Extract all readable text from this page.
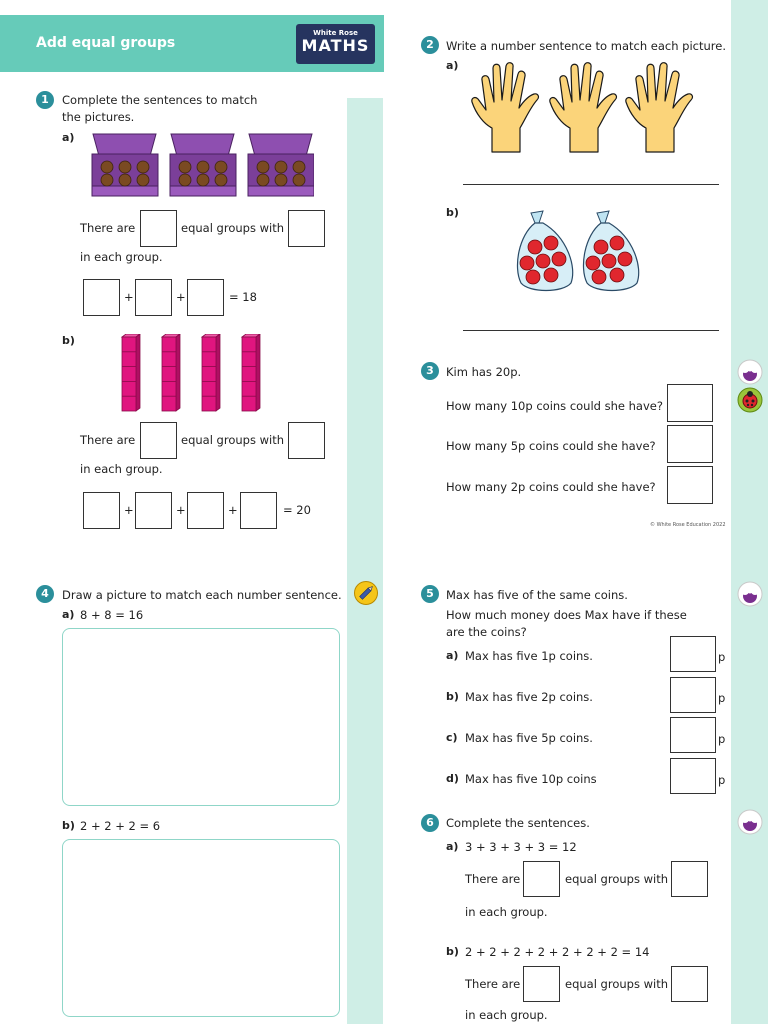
Add equal groups
White Rose
MATHS
1	Complete the sentences to match
the pictures.
a)
There are	equal groups with
in each group.
+	+	= 18
b)
There are	equal groups with
in each group.
+	+	+	= 20
4	Draw a picture to match each number sentence.
a) 8 + 8 = 16
b) 2 + 2 + 2 = 6
2	Write a number sentence to match each picture.
a)
b)
3	Kim has 20p.
How many 10p coins could she have?
How many 5p coins could she have?
How many 2p coins could she have?
© White Rose Education 2022
5	Max has five of the same coins.
How much money does Max have if these
are the coins?
a) Max has five 1p coins.	p
b) Max has five 2p coins.	p
c) Max has five 5p coins.	p
d) Max has five 10p coins	p
6	Complete the sentences.
a) 3 + 3 + 3 + 3 = 12
There are	equal groups with
in each group.
b) 2 + 2 + 2 + 2 + 2 + 2 + 2 = 14
There are	equal groups with
in each group.
